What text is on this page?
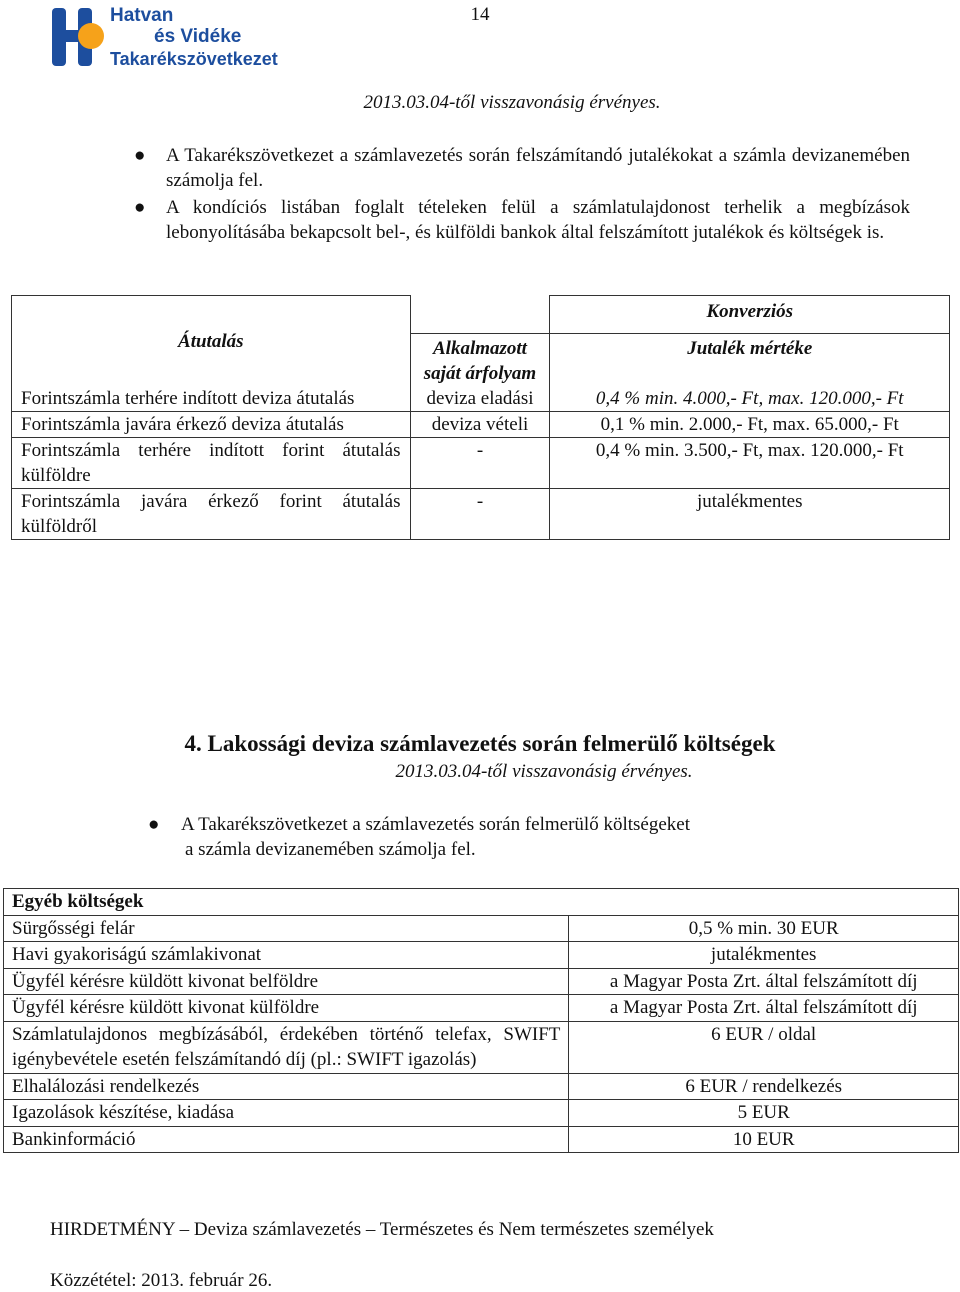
Hatvan
és Vidéke
Takarékszövetkezet
14
2013.03.04-től visszavonásig érvényes.
● A Takarékszövetkezet a számlavezetés során felszámítandó jutalékokat a számla devizanemében számolja fel.
● A kondíciós listában foglalt tételeken felül a számlatulajdonost terhelik a megbízások lebonyolításába bekapcsolt bel-, és külföldi bankok által felszámított jutalékok és költségek is.
Átutalás		Konverziós
	Alkalmazott saját árfolyam	Jutalék mértéke
Forintszámla terhére indított deviza átutalás	deviza eladási	0,4 % min. 4.000,- Ft, max. 120.000,- Ft
Forintszámla javára érkező deviza átutalás	deviza vételi	0,1 % min. 2.000,- Ft, max. 65.000,- Ft
Forintszámla terhére indított forint átutalás külföldre	-	0,4 % min. 3.500,- Ft, max. 120.000,- Ft
Forintszámla javára érkező forint átutalás külföldről	-	jutalékmentes
4. Lakossági deviza számlavezetés során felmerülő költségek
2013.03.04-től visszavonásig érvényes.
● A Takarékszövetkezet a számlavezetés során felmerülő költségeket
a számla devizanemében számolja fel.
Egyéb költségek	
Sürgősségi felár	0,5 % min. 30 EUR
Havi gyakoriságú számlakivonat	jutalékmentes
Ügyfél kérésre küldött kivonat belföldre	a Magyar Posta Zrt. által felszámított díj
Ügyfél kérésre küldött kivonat külföldre	a Magyar Posta Zrt. által felszámított díj
Számlatulajdonos megbízásából, érdekében történő telefax, SWIFT igénybevétele esetén felszámítandó díj (pl.: SWIFT igazolás)	6 EUR / oldal
Elhalálozási rendelkezés	6 EUR / rendelkezés
Igazolások készítése, kiadása	5 EUR
Bankinformáció	10 EUR
HIRDETMÉNY – Deviza számlavezetés – Természetes és Nem természetes személyek
Közzététel: 2013. február 26.
